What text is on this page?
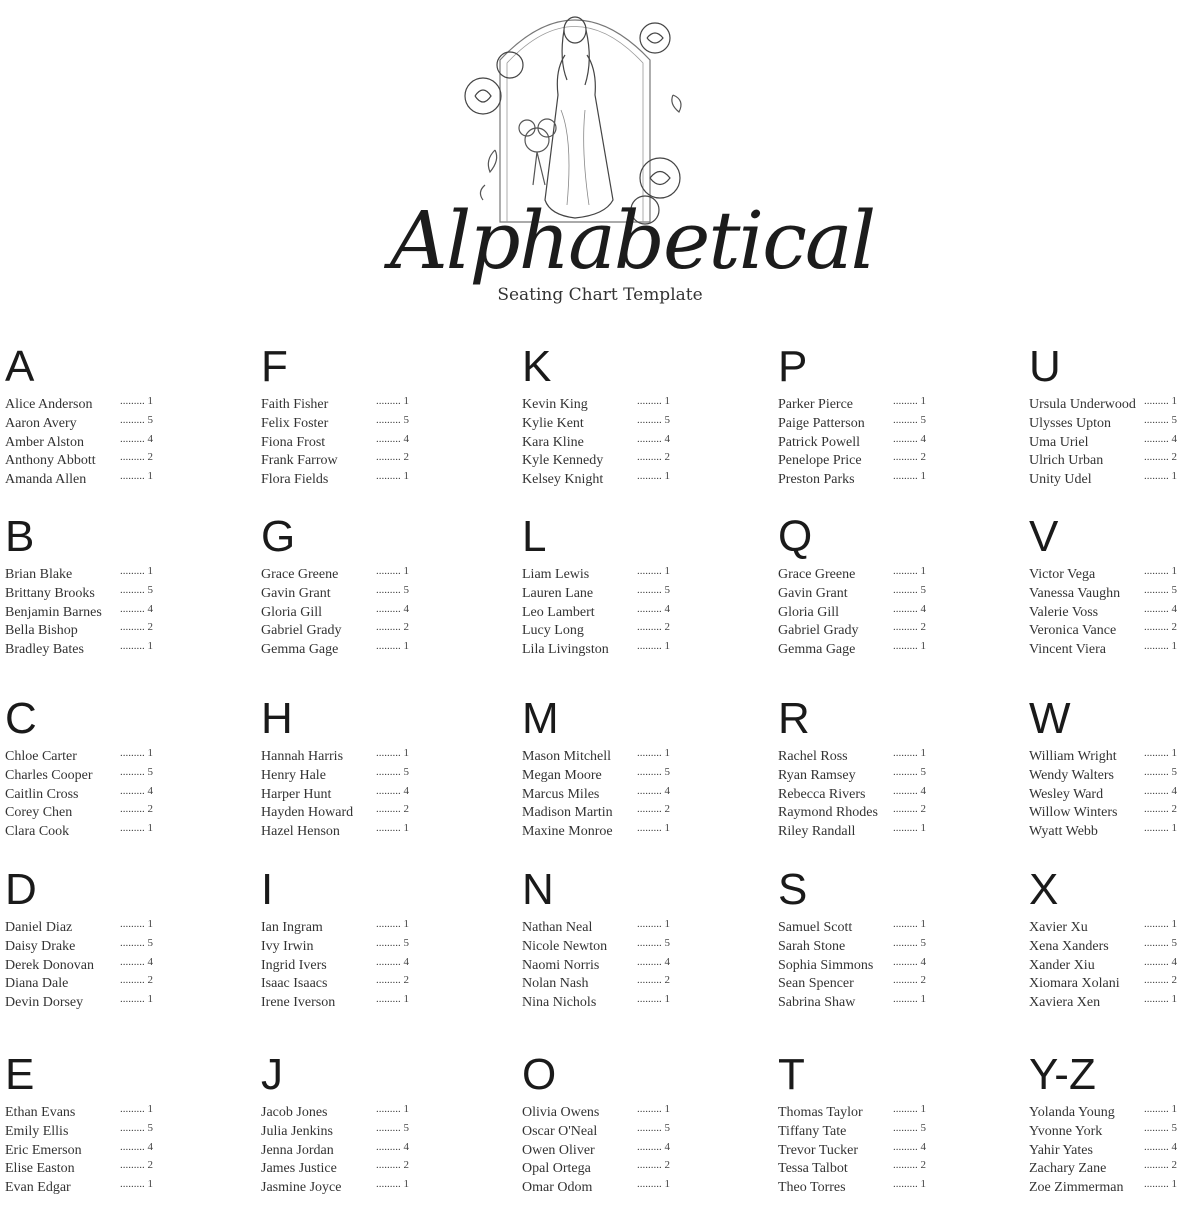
Alphabetical
Seating Chart Template
A
Alice Anderson	......... 1
Aaron Avery	......... 5
Amber Alston	......... 4
Anthony Abbott ......... 2
Amanda Allen	......... 1
B
Brian Blake	......... 1
Brittany Brooks ......... 5
Benjamin Barnes ......... 4
Bella Bishop	......... 2
Bradley Bates	......... 1
C
Chloe Carter	......... 1
Charles Cooper	......... 5
Caitlin Cross	......... 4
Corey Chen	......... 2
Clara Cook	......... 1
D
Daniel Diaz	......... 1
Daisy Drake	......... 5
Derek Donovan ......... 4
Diana Dale	......... 2
Devin Dorsey	......... 1
E
Ethan Evans	......... 1
Emily Ellis	......... 5
Eric Emerson	......... 4
Elise Easton	......... 2
Evan Edgar	......... 1
F
Faith Fisher	......... 1
Felix Foster	......... 5
Fiona Frost	......... 4
Frank Farrow	......... 2
Flora Fields	......... 1
G
Grace Greene	......... 1
Gavin Grant	......... 5
Gloria Gill	......... 4
Gabriel Grady	......... 2
Gemma Gage	......... 1
H
Hannah Harris	......... 1
Henry Hale	......... 5
Harper Hunt	......... 4
Hayden Howard ......... 2
Hazel Henson	......... 1
I
Ian Ingram	......... 1
Ivy Irwin	......... 5
Ingrid Ivers	......... 4
Isaac Isaacs	......... 2
Irene Iverson	......... 1
J
Jacob Jones	......... 1
Julia Jenkins	......... 5
Jenna Jordan	......... 4
James Justice	......... 2
Jasmine Joyce	......... 1
K
Kevin King	......... 1
Kylie Kent	......... 5
Kara Kline	......... 4
Kyle Kennedy	......... 2
Kelsey Knight	......... 1
L
Liam Lewis	......... 1
Lauren Lane	......... 5
Leo Lambert	......... 4
Lucy Long	......... 2
Lila Livingston	......... 1
M
Mason Mitchell ......... 1
Megan Moore	......... 5
Marcus Miles	......... 4
Madison Martin ......... 2
Maxine Monroe ......... 1
N
Nathan Neal	......... 1
Nicole Newton	......... 5
Naomi Norris	......... 4
Nolan Nash	......... 2
Nina Nichols	......... 1
O
Olivia Owens	......... 1
Oscar O'Neal	......... 5
Owen Oliver	......... 4
Opal Ortega	......... 2
Omar Odom	......... 1
P
Parker Pierce	......... 1
Paige Patterson	......... 5
Patrick Powell	......... 4
Penelope Price	......... 2
Preston Parks	......... 1
Q
Grace Greene	......... 1
Gavin Grant	......... 5
Gloria Gill	......... 4
Gabriel Grady	......... 2
Gemma Gage	......... 1
R
Rachel Ross	......... 1
Ryan Ramsey	......... 5
Rebecca Rivers	......... 4
Raymond Rhodes ......... 2
Riley Randall	......... 1
S
Samuel Scott	......... 1
Sarah Stone	......... 5
Sophia Simmons ......... 4
Sean Spencer	......... 2
Sabrina Shaw	......... 1
T
Thomas Taylor	......... 1
Tiffany Tate	......... 5
Trevor Tucker	......... 4
Tessa Talbot	......... 2
Theo Torres	......... 1
U
Ursula Underwood ......... 1
Ulysses Upton	......... 5
Uma Uriel	......... 4
Ulrich Urban	......... 2
Unity Udel	......... 1
V
Victor Vega	......... 1
Vanessa Vaughn ......... 5
Valerie Voss	......... 4
Veronica Vance	......... 2
Vincent Viera	......... 1
W
William Wright ......... 1
Wendy Walters	......... 5
Wesley Ward	......... 4
Willow Winters ......... 2
Wyatt Webb	......... 1
X
Xavier Xu	......... 1
Xena Xanders	......... 5
Xander Xiu	......... 4
Xiomara Xolani ......... 2
Xaviera Xen	......... 1
Y-Z
Yolanda Young	......... 1
Yvonne York	......... 5
Yahir Yates	......... 4
Zachary Zane	......... 2
Zoe Zimmerman ......... 1
